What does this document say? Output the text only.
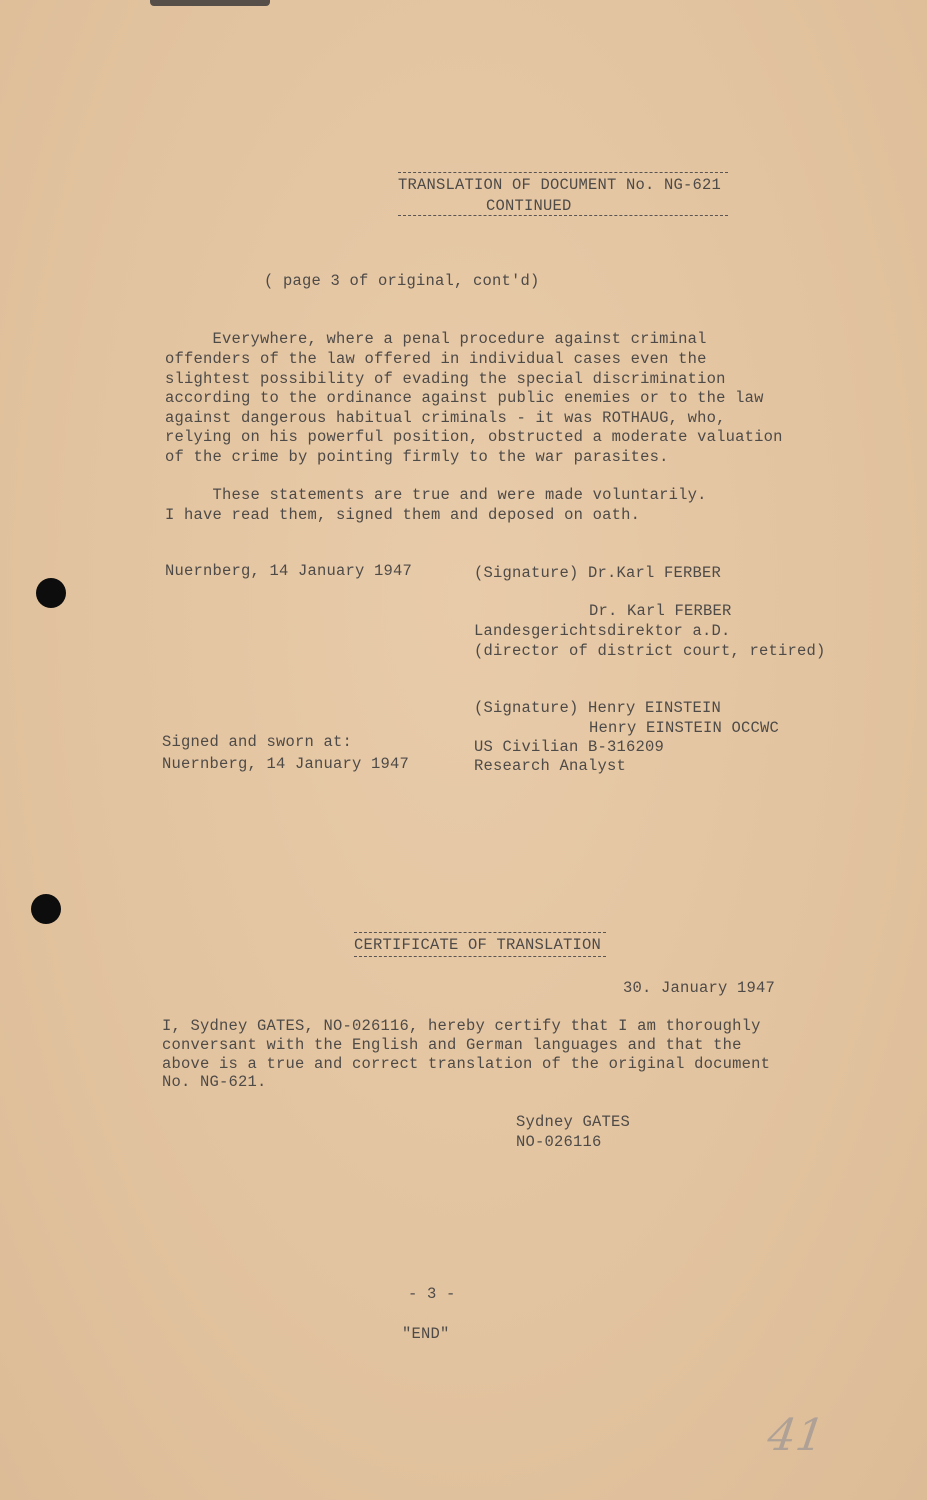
TRANSLATION OF DOCUMENT No. NG-621
CONTINUED
( page 3 of original, cont'd)
Everywhere, where a penal procedure against criminal
offenders of the law offered in individual cases even the
slightest possibility of evading the special discrimination
according to the ordinance against public enemies or to the law
against dangerous habitual criminals - it was ROTHAUG, who,
relying on his powerful position, obstructed a moderate valuation
of the crime by pointing firmly to the war parasites.
These statements are true and were made voluntarily.
I have read them, signed them and deposed on oath.
Nuernberg, 14 January 1947	(Signature) Dr.Karl FERBER
Dr. Karl FERBER
Landesgerichtsdirektor a.D.
(director of district court, retired)
(Signature) Henry EINSTEIN
Henry EINSTEIN OCCWC
Signed and sworn at:	US Civilian B-316209
Nuernberg, 14 January 1947	Research Analyst
CERTIFICATE OF TRANSLATION
30. January 1947
I, Sydney GATES, NO-026116, hereby certify that I am thoroughly
conversant with the English and German languages and that the
above is a true and correct translation of the original document
No. NG-621.
Sydney GATES
NO-026116
- 3 -
"END"
41
